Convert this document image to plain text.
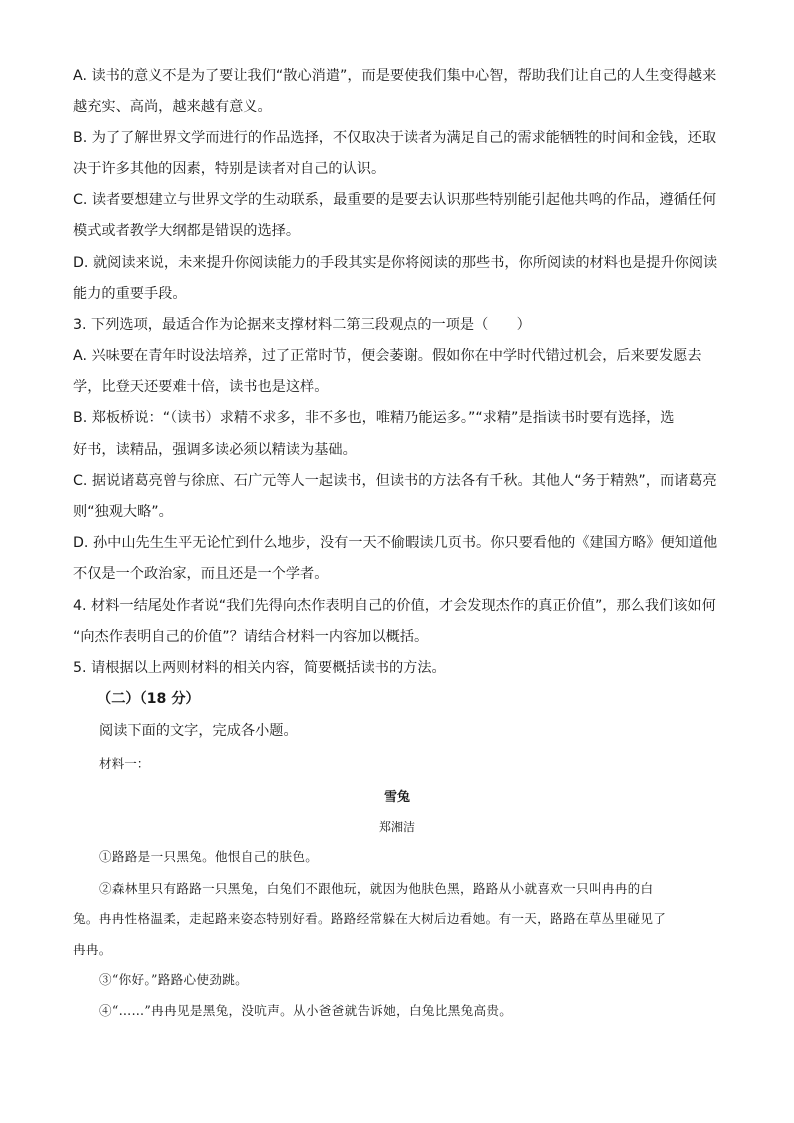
A. 读书的意义不是为了要让我们“散心消遣”，而是要使我们集中心智，帮助我们让自己的人生变得越来
越充实、高尚，越来越有意义。
B. 为了了解世界文学而进行的作品选择，不仅取决于读者为满足自己的需求能牺牲的时间和金钱，还取
决于许多其他的因素，特别是读者对自己的认识。
C. 读者要想建立与世界文学的生动联系，最重要的是要去认识那些特别能引起他共鸣的作品，遵循任何
模式或者教学大纲都是错误的选择。
D. 就阅读来说，未来提升你阅读能力的手段其实是你将阅读的那些书，你所阅读的材料也是提升你阅读
能力的重要手段。
3. 下列选项，最适合作为论据来支撑材料二第三段观点的一项是（　　）
A. 兴味要在青年时设法培养，过了正常时节，便会萎谢。假如你在中学时代错过机会，后来要发愿去
学，比登天还要难十倍，读书也是这样。
B. 郑板桥说：“（读书）求精不求多，非不多也，唯精乃能运多。”“求精”是指读书时要有选择，选
好书，读精品，强调多读必须以精读为基础。
C. 据说诸葛亮曾与徐庶、石广元等人一起读书，但读书的方法各有千秋。其他人“务于精熟”，而诸葛亮
则“独观大略”。
D. 孙中山先生生平无论忙到什么地步，没有一天不偷暇读几页书。你只要看他的《建国方略》便知道他
不仅是一个政治家，而且还是一个学者。
4. 材料一结尾处作者说“我们先得向杰作表明自己的价值，才会发现杰作的真正价值”，那么我们该如何
“向杰作表明自己的价值”？请结合材料一内容加以概括。
5. 请根据以上两则材料的相关内容，简要概括读书的方法。
（二）（18 分）
阅读下面的文字，完成各小题。
材料一：
雪兔
郑湘洁
①路路是一只黑兔。他恨自己的肤色。
②森林里只有路路一只黑兔，白兔们不跟他玩，就因为他肤色黑，路路从小就喜欢一只叫冉冉的白
兔。冉冉性格温柔，走起路来姿态特别好看。路路经常躲在大树后边看她。有一天，路路在草丛里碰见了
冉冉。
③“你好。”路路心使劲跳。
④“……”冉冉见是黑兔，没吭声。从小爸爸就告诉她，白兔比黑兔高贵。
